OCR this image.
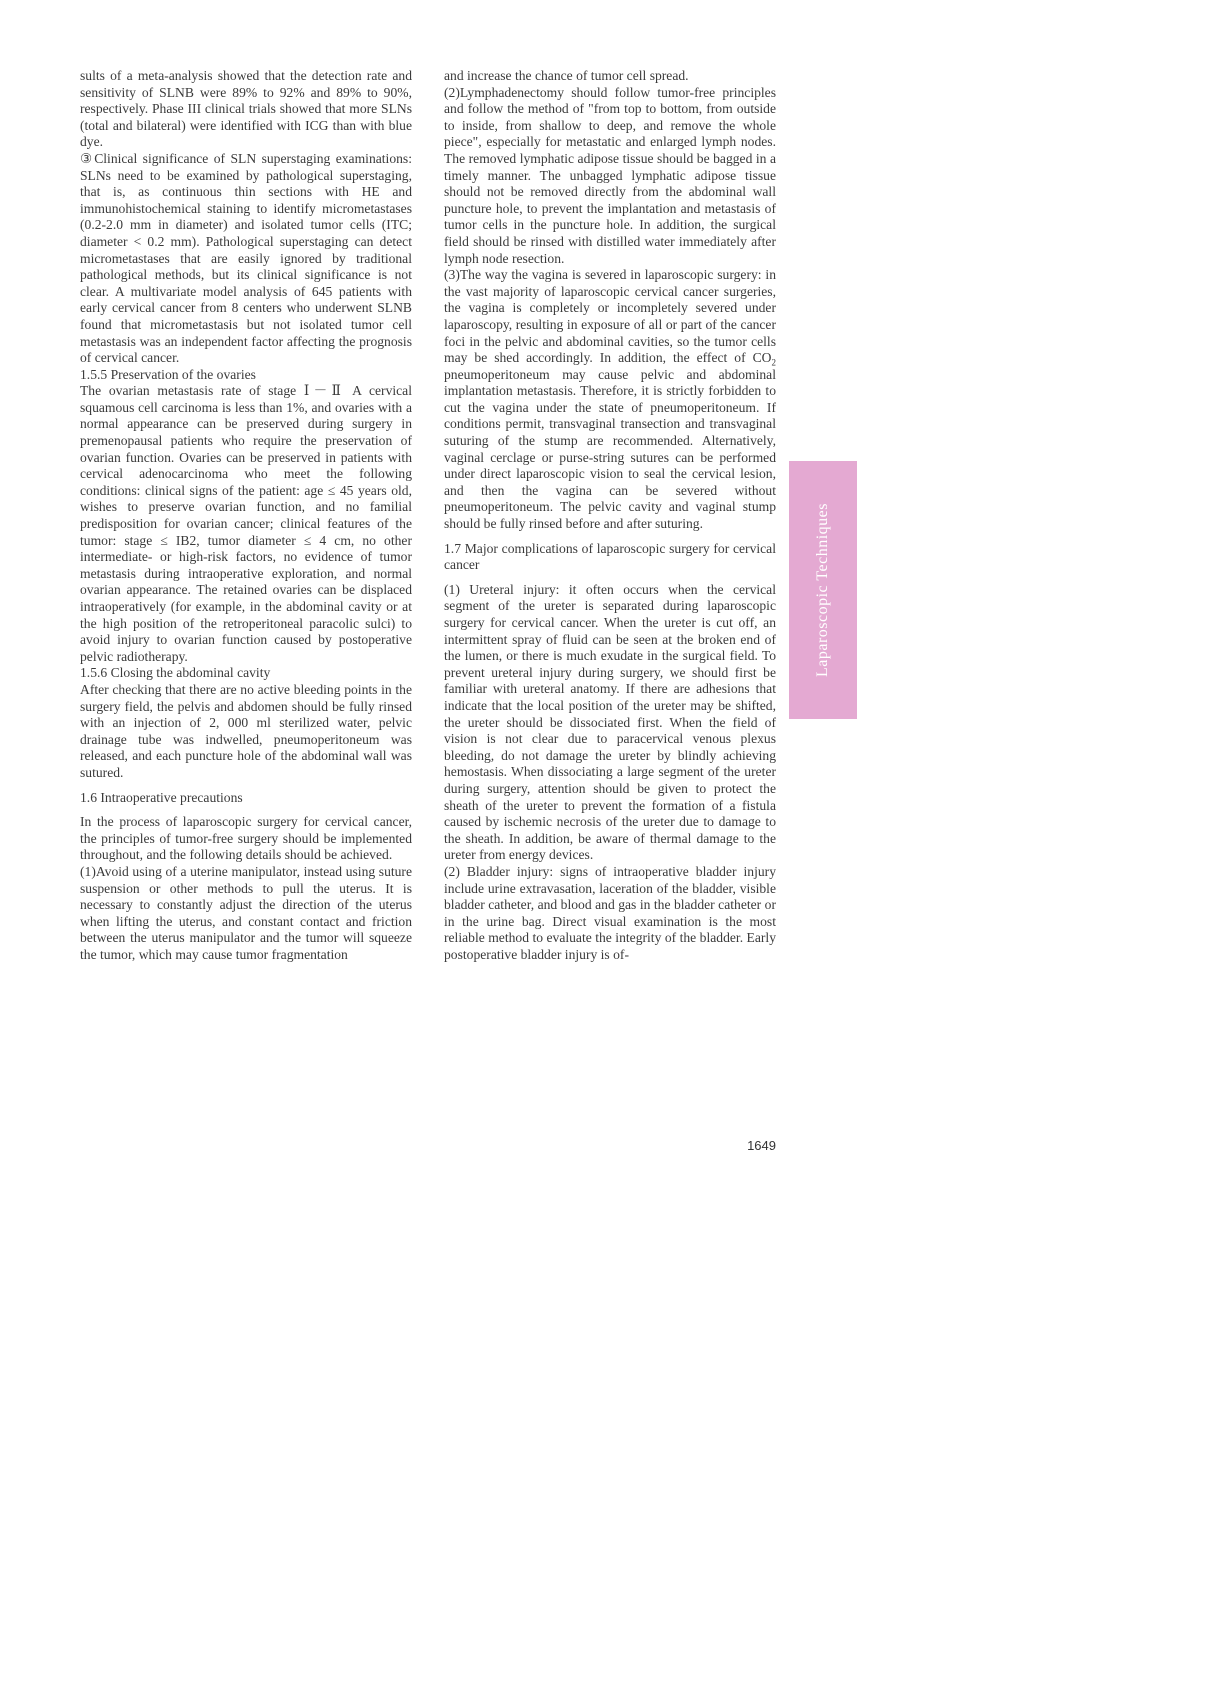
sults of a meta-analysis showed that the detection rate and sensitivity of SLNB were 89% to 92% and 89% to 90%, respectively. Phase III clinical trials showed that more SLNs (total and bilateral) were identified with ICG than with blue dye.

③Clinical significance of SLN superstaging examinations: SLNs need to be examined by pathological superstaging, that is, as continuous thin sections with HE and immunohistochemical staining to identify micrometastases (0.2-2.0 mm in diameter) and isolated tumor cells (ITC; diameter < 0.2 mm). Pathological superstaging can detect micrometastases that are easily ignored by traditional pathological methods, but its clinical significance is not clear. A multivariate model analysis of 645 patients with early cervical cancer from 8 centers who underwent SLNB found that micrometastasis but not isolated tumor cell metastasis was an independent factor affecting the prognosis of cervical cancer.

1.5.5 Preservation of the ovaries

The ovarian metastasis rate of stage Ⅰ－Ⅱ A cervical squamous cell carcinoma is less than 1%, and ovaries with a normal appearance can be preserved during surgery in premenopausal patients who require the preservation of ovarian function. Ovaries can be preserved in patients with cervical adenocarcinoma who meet the following conditions: clinical signs of the patient: age ≤ 45 years old, wishes to preserve ovarian function, and no familial predisposition for ovarian cancer; clinical features of the tumor: stage ≤ IB2, tumor diameter ≤ 4 cm, no other intermediate- or high-risk factors, no evidence of tumor metastasis during intraoperative exploration, and normal ovarian appearance. The retained ovaries can be displaced intraoperatively (for example, in the abdominal cavity or at the high position of the retroperitoneal paracolic sulci) to avoid injury to ovarian function caused by postoperative pelvic radiotherapy.

1.5.6 Closing the abdominal cavity

After checking that there are no active bleeding points in the surgery field, the pelvis and abdomen should be fully rinsed with an injection of 2, 000 ml sterilized water, pelvic drainage tube was indwelled, pneumoperitoneum was released, and each puncture hole of the abdominal wall was sutured.

1.6 Intraoperative precautions

In the process of laparoscopic surgery for cervical cancer, the principles of tumor-free surgery should be implemented throughout, and the following details should be achieved.

(1)Avoid using of a uterine manipulator, instead using suture suspension or other methods to pull the uterus. It is necessary to constantly adjust the direction of the uterus when lifting the uterus, and constant contact and friction between the uterus manipulator and the tumor will squeeze the tumor, which may cause tumor fragmentation

and increase the chance of tumor cell spread.

(2)Lymphadenectomy should follow tumor-free principles and follow the method of "from top to bottom, from outside to inside, from shallow to deep, and remove the whole piece", especially for metastatic and enlarged lymph nodes. The removed lymphatic adipose tissue should be bagged in a timely manner. The unbagged lymphatic adipose tissue should not be removed directly from the abdominal wall puncture hole, to prevent the implantation and metastasis of tumor cells in the puncture hole. In addition, the surgical field should be rinsed with distilled water immediately after lymph node resection.

(3)The way the vagina is severed in laparoscopic surgery: in the vast majority of laparoscopic cervical cancer surgeries, the vagina is completely or incompletely severed under laparoscopy, resulting in exposure of all or part of the cancer foci in the pelvic and abdominal cavities, so the tumor cells may be shed accordingly. In addition, the effect of $CO_2$ pneumoperitoneum may cause pelvic and abdominal implantation metastasis. Therefore, it is strictly forbidden to cut the vagina under the state of pneumoperitoneum. If conditions permit, transvaginal transection and transvaginal suturing of the stump are recommended. Alternatively, vaginal cerclage or purse-string sutures can be performed under direct laparoscopic vision to seal the cervical lesion, and then the vagina can be severed without pneumoperitoneum. The pelvic cavity and vaginal stump should be fully rinsed before and after suturing.

1.7 Major complications of laparoscopic surgery for cervical cancer

(1) Ureteral injury: it often occurs when the cervical segment of the ureter is separated during laparoscopic surgery for cervical cancer. When the ureter is cut off, an intermittent spray of fluid can be seen at the broken end of the lumen, or there is much exudate in the surgical field. To prevent ureteral injury during surgery, we should first be familiar with ureteral anatomy. If there are adhesions that indicate that the local position of the ureter may be shifted, the ureter should be dissociated first. When the field of vision is not clear due to paracervical venous plexus bleeding, do not damage the ureter by blindly achieving hemostasis. When dissociating a large segment of the ureter during surgery, attention should be given to protect the sheath of the ureter to prevent the formation of a fistula caused by ischemic necrosis of the ureter due to damage to the sheath. In addition, be aware of thermal damage to the ureter from energy devices.

(2) Bladder injury: signs of intraoperative bladder injury include urine extravasation, laceration of the bladder, visible bladder catheter, and blood and gas in the bladder catheter or in the urine bag. Direct visual examination is the most reliable method to evaluate the integrity of the bladder. Early postoperative bladder injury is of-

Laparoscopic Techniques
1649
